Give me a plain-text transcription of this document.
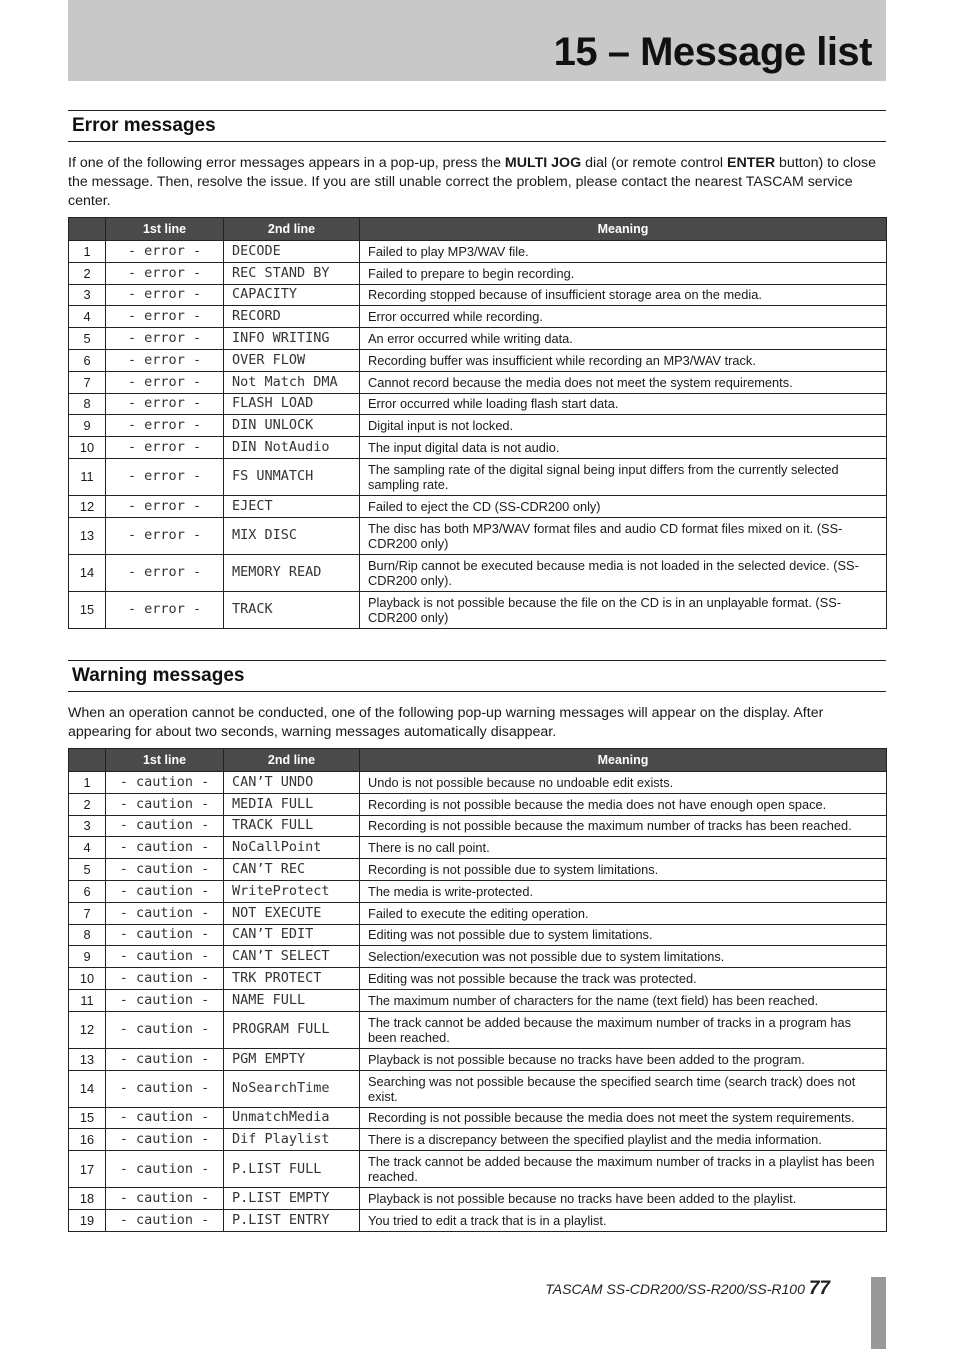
15 – Message list
Error messages

If one of the following error messages appears in a pop-up, press the MULTI JOG dial (or remote control ENTER button) to close the message. Then, resolve the issue. If you are still unable correct the problem, please contact the nearest TASCAM service center.

	1st line	2nd line	Meaning
1	- error -	DECODE	Failed to play MP3/WAV file.
2	- error -	REC STAND BY	Failed to prepare to begin recording.
3	- error -	CAPACITY	Recording stopped because of insufficient storage area on the media.
4	- error -	RECORD	Error occurred while recording.
5	- error -	INFO WRITING	An error occurred while writing data.
6	- error -	OVER FLOW	Recording buffer was insufficient while recording an MP3/WAV track.
7	- error -	Not Match DMA	Cannot record because the media does not meet the system requirements.
8	- error -	FLASH LOAD	Error occurred while loading flash start data.
9	- error -	DIN UNLOCK	Digital input is not locked.
10	- error -	DIN NotAudio	The input digital data is not audio.
11	- error -	FS UNMATCH	The sampling rate of the digital signal being input differs from the currently selected sampling rate.
12	- error -	EJECT	Failed to eject the CD (SS-CDR200 only)
13	- error -	MIX DISC	The disc has both MP3/WAV format files and audio CD format files mixed on it. (SS-CDR200 only)
14	- error -	MEMORY READ	Burn/Rip cannot be executed because media is not loaded in the selected device. (SS-CDR200 only).
15	- error -	TRACK	Playback is not possible because the file on the CD is in an unplayable format. (SS-CDR200 only)
Warning messages

When an operation cannot be conducted, one of the following pop-up warning messages will appear on the display. After appearing for about two seconds, warning messages automatically disappear.

	1st line	2nd line	Meaning
1	- caution -	CAN’T UNDO	Undo is not possible because no undoable edit exists.
2	- caution -	MEDIA FULL	Recording is not possible because the media does not have enough open space.
3	- caution -	TRACK FULL	Recording is not possible because the maximum number of tracks has been reached.
4	- caution -	NoCallPoint	There is no call point.
5	- caution -	CAN’T REC	Recording is not possible due to system limitations.
6	- caution -	WriteProtect	The media is write-protected.
7	- caution -	NOT EXECUTE	Failed to execute the editing operation.
8	- caution -	CAN’T EDIT	Editing was not possible due to system limitations.
9	- caution -	CAN’T SELECT	Selection/execution was not possible due to system limitations.
10	- caution -	TRK PROTECT	Editing was not possible because the track was protected.
11	- caution -	NAME FULL	The maximum number of characters for the name (text field) has been reached.
12	- caution -	PROGRAM FULL	The track cannot be added because the maximum number of tracks in a program has been reached.
13	- caution -	PGM EMPTY	Playback is not possible because no tracks have been added to the program.
14	- caution -	NoSearchTime	Searching was not possible because the specified search time (search track) does not exist.
15	- caution -	UnmatchMedia	Recording is not possible because the media does not meet the system requirements.
16	- caution -	Dif Playlist	There is a discrepancy between the specified playlist and the media information.
17	- caution -	P.LIST FULL	The track cannot be added because the maximum number of tracks in a playlist has been reached.
18	- caution -	P.LIST EMPTY	Playback is not possible because no tracks have been added to the playlist.
19	- caution -	P.LIST ENTRY	You tried to edit a track that is in a playlist.
TASCAM SS-CDR200/SS-R200/SS-R100 77
